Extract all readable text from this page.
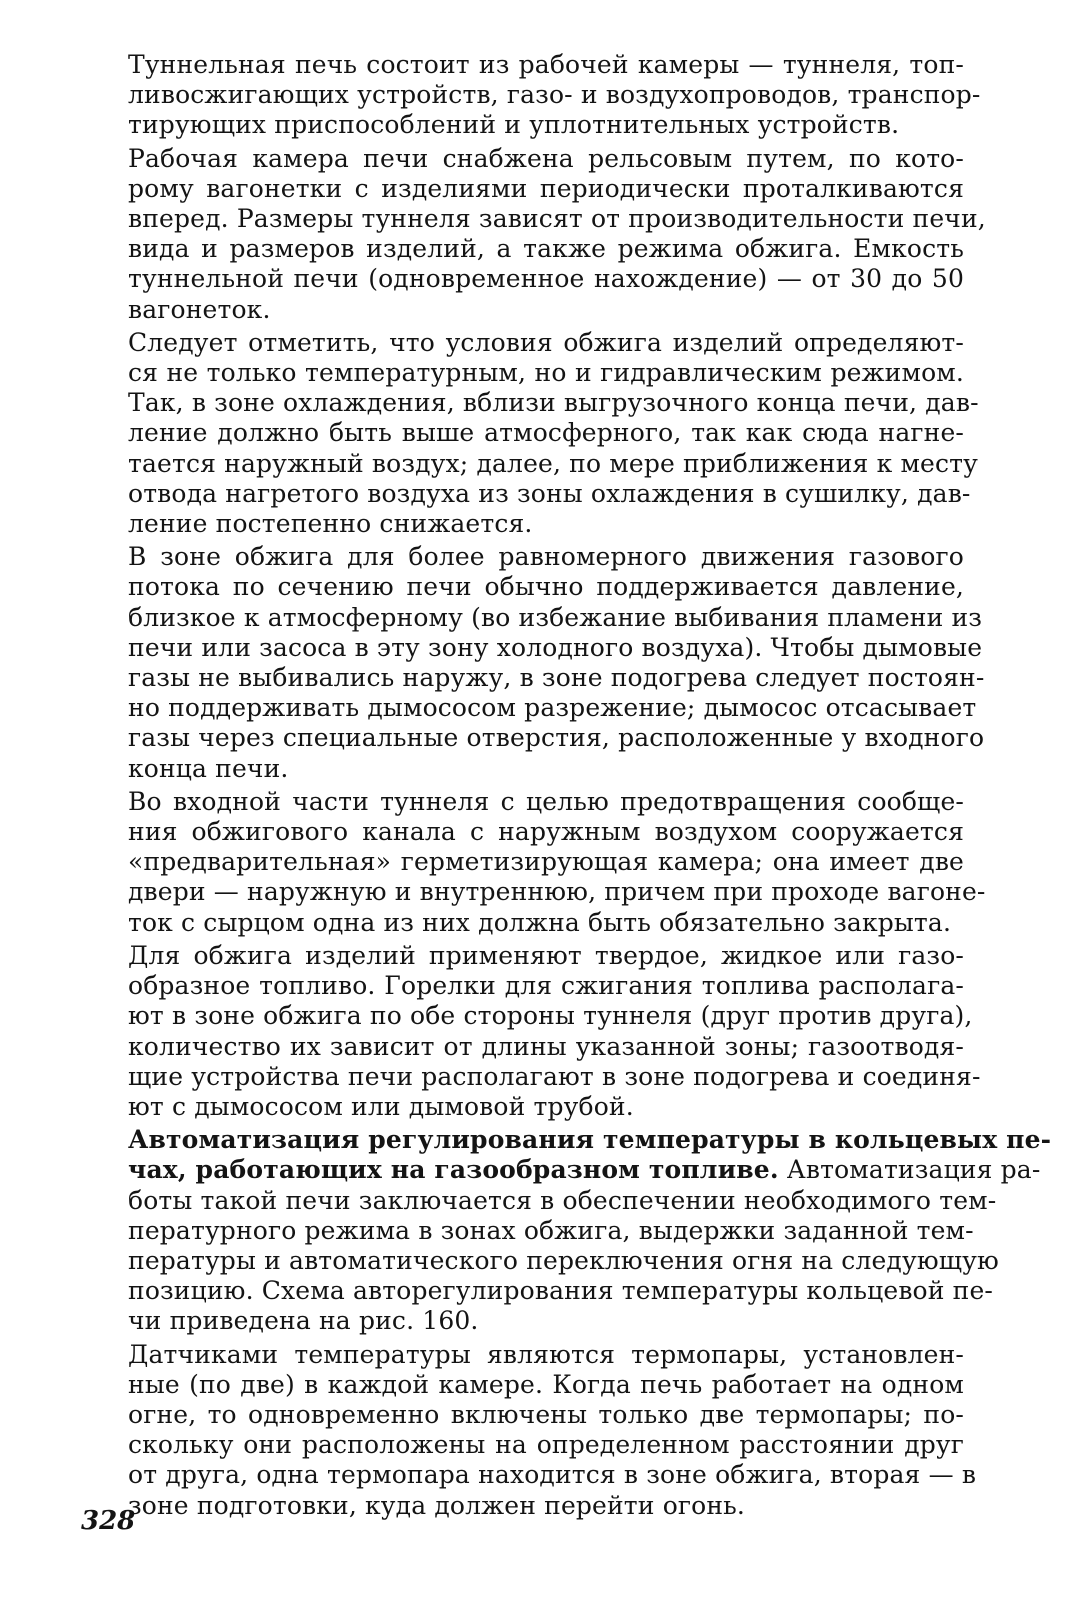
Туннельная печь состоит из рабочей камеры — туннеля, топ-
ливосжигающих устройств, газо- и воздухопроводов, транспор-
тирующих приспособлений и уплотнительных устройств.

Рабочая камера печи снабжена рельсовым путем, по кото-
рому вагонетки с изделиями периодически проталкиваются
вперед. Размеры туннеля зависят от производительности печи,
вида и размеров изделий, а также режима обжига. Емкость
туннельной печи (одновременное нахождение) — от 30 до 50
вагонеток.

Следует отметить, что условия обжига изделий определяют-
ся не только температурным, но и гидравлическим режимом.
Так, в зоне охлаждения, вблизи выгрузочного конца печи, дав-
ление должно быть выше атмосферного, так как сюда нагне-
тается наружный воздух; далее, по мере приближения к месту
отвода нагретого воздуха из зоны охлаждения в сушилку, дав-
ление постепенно снижается.

В зоне обжига для более равномерного движения газового
потока по сечению печи обычно поддерживается давление,
близкое к атмосферному (во избежание выбивания пламени из
печи или засоса в эту зону холодного воздуха). Чтобы дымовые
газы не выбивались наружу, в зоне подогрева следует постоян-
но поддерживать дымососом разрежение; дымосос отсасывает
газы через специальные отверстия, расположенные у входного
конца печи.

Во входной части туннеля с целью предотвращения сообще-
ния обжигового канала с наружным воздухом сооружается
«предварительная» герметизирующая камера; она имеет две
двери — наружную и внутреннюю, причем при проходе вагоне-
ток с сырцом одна из них должна быть обязательно закрыта.

Для обжига изделий применяют твердое, жидкое или газо-
образное топливо. Горелки для сжигания топлива располага-
ют в зоне обжига по обе стороны туннеля (друг против друга),
количество их зависит от длины указанной зоны; газоотводя-
щие устройства печи располагают в зоне подогрева и соединя-
ют с дымососом или дымовой трубой.

Автоматизация регулирования температуры в кольцевых пе-
чах, работающих на газообразном топливе. Автоматизация ра-
боты такой печи заключается в обеспечении необходимого тем-
пературного режима в зонах обжига, выдержки заданной тем-
пературы и автоматического переключения огня на следующую
позицию. Схема авторегулирования температуры кольцевой пе-
чи приведена на рис. 160.

Датчиками температуры являются термопары, установлен-
ные (по две) в каждой камере. Когда печь работает на одном
огне, то одновременно включены только две термопары; по-
скольку они расположены на определенном расстоянии друг
от друга, одна термопара находится в зоне обжига, вторая — в
зоне подготовки, куда должен перейти огонь.

328
